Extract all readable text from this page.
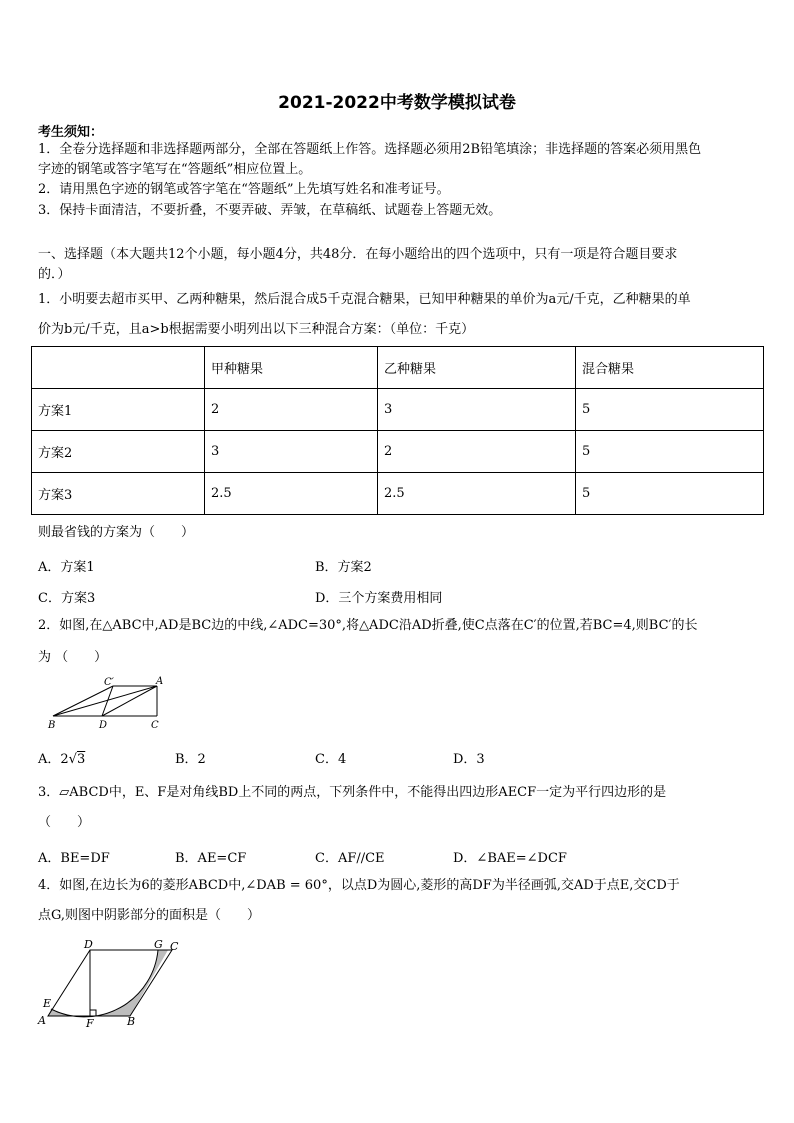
2021-2022中考数学模拟试卷
考生须知：
1．全卷分选择题和非选择题两部分，全部在答题纸上作答。选择题必须用2B铅笔填涂；非选择题的答案必须用黑色
字迹的钢笔或答字笔写在“答题纸”相应位置上。
2．请用黑色字迹的钢笔或答字笔在“答题纸”上先填写姓名和准考证号。
3．保持卡面清洁，不要折叠，不要弄破、弄皱，在草稿纸、试题卷上答题无效。
一、选择题（本大题共12个小题，每小题4分，共48分．在每小题给出的四个选项中，只有一项是符合题目要求
的．）
1．小明要去超市买甲、乙两种糖果，然后混合成5千克混合糖果，已知甲种糖果的单价为a元/千克，乙种糖果的单
价为b元/千克，且a>b根据需要小明列出以下三种混合方案：（单位：千克）
	甲种糖果	乙种糖果	混合糖果
方案1	2	3	5
方案2	3	2	5
方案3	2.5	2.5	5
则最省钱的方案为（　　）
A．方案1	B．方案2
C．方案3	D．三个方案费用相同
2．如图,在△ABC中,AD是BC边的中线,∠ADC=30°,将△ADC沿AD折叠,使C点落在C′的位置,若BC=4,则BC′的长
为 （　　）
C′	A
B	D	C
A．2√3	B．2	C．4	D．3
3．▱ABCD中，E、F是对角线BD上不同的两点，下列条件中，不能得出四边形AECF一定为平行四边形的是
（　　）
A．BE=DF	B．AE=CF	C．AF//CE	D．∠BAE=∠DCF
4．如图,在边长为6的菱形ABCD中,∠DAB = 60°，以点D为圆心,菱形的高DF为半径画弧,交AD于点E,交CD于
点G,则图中阴影部分的面积是（　　）
D	G C
E
A	F	B
